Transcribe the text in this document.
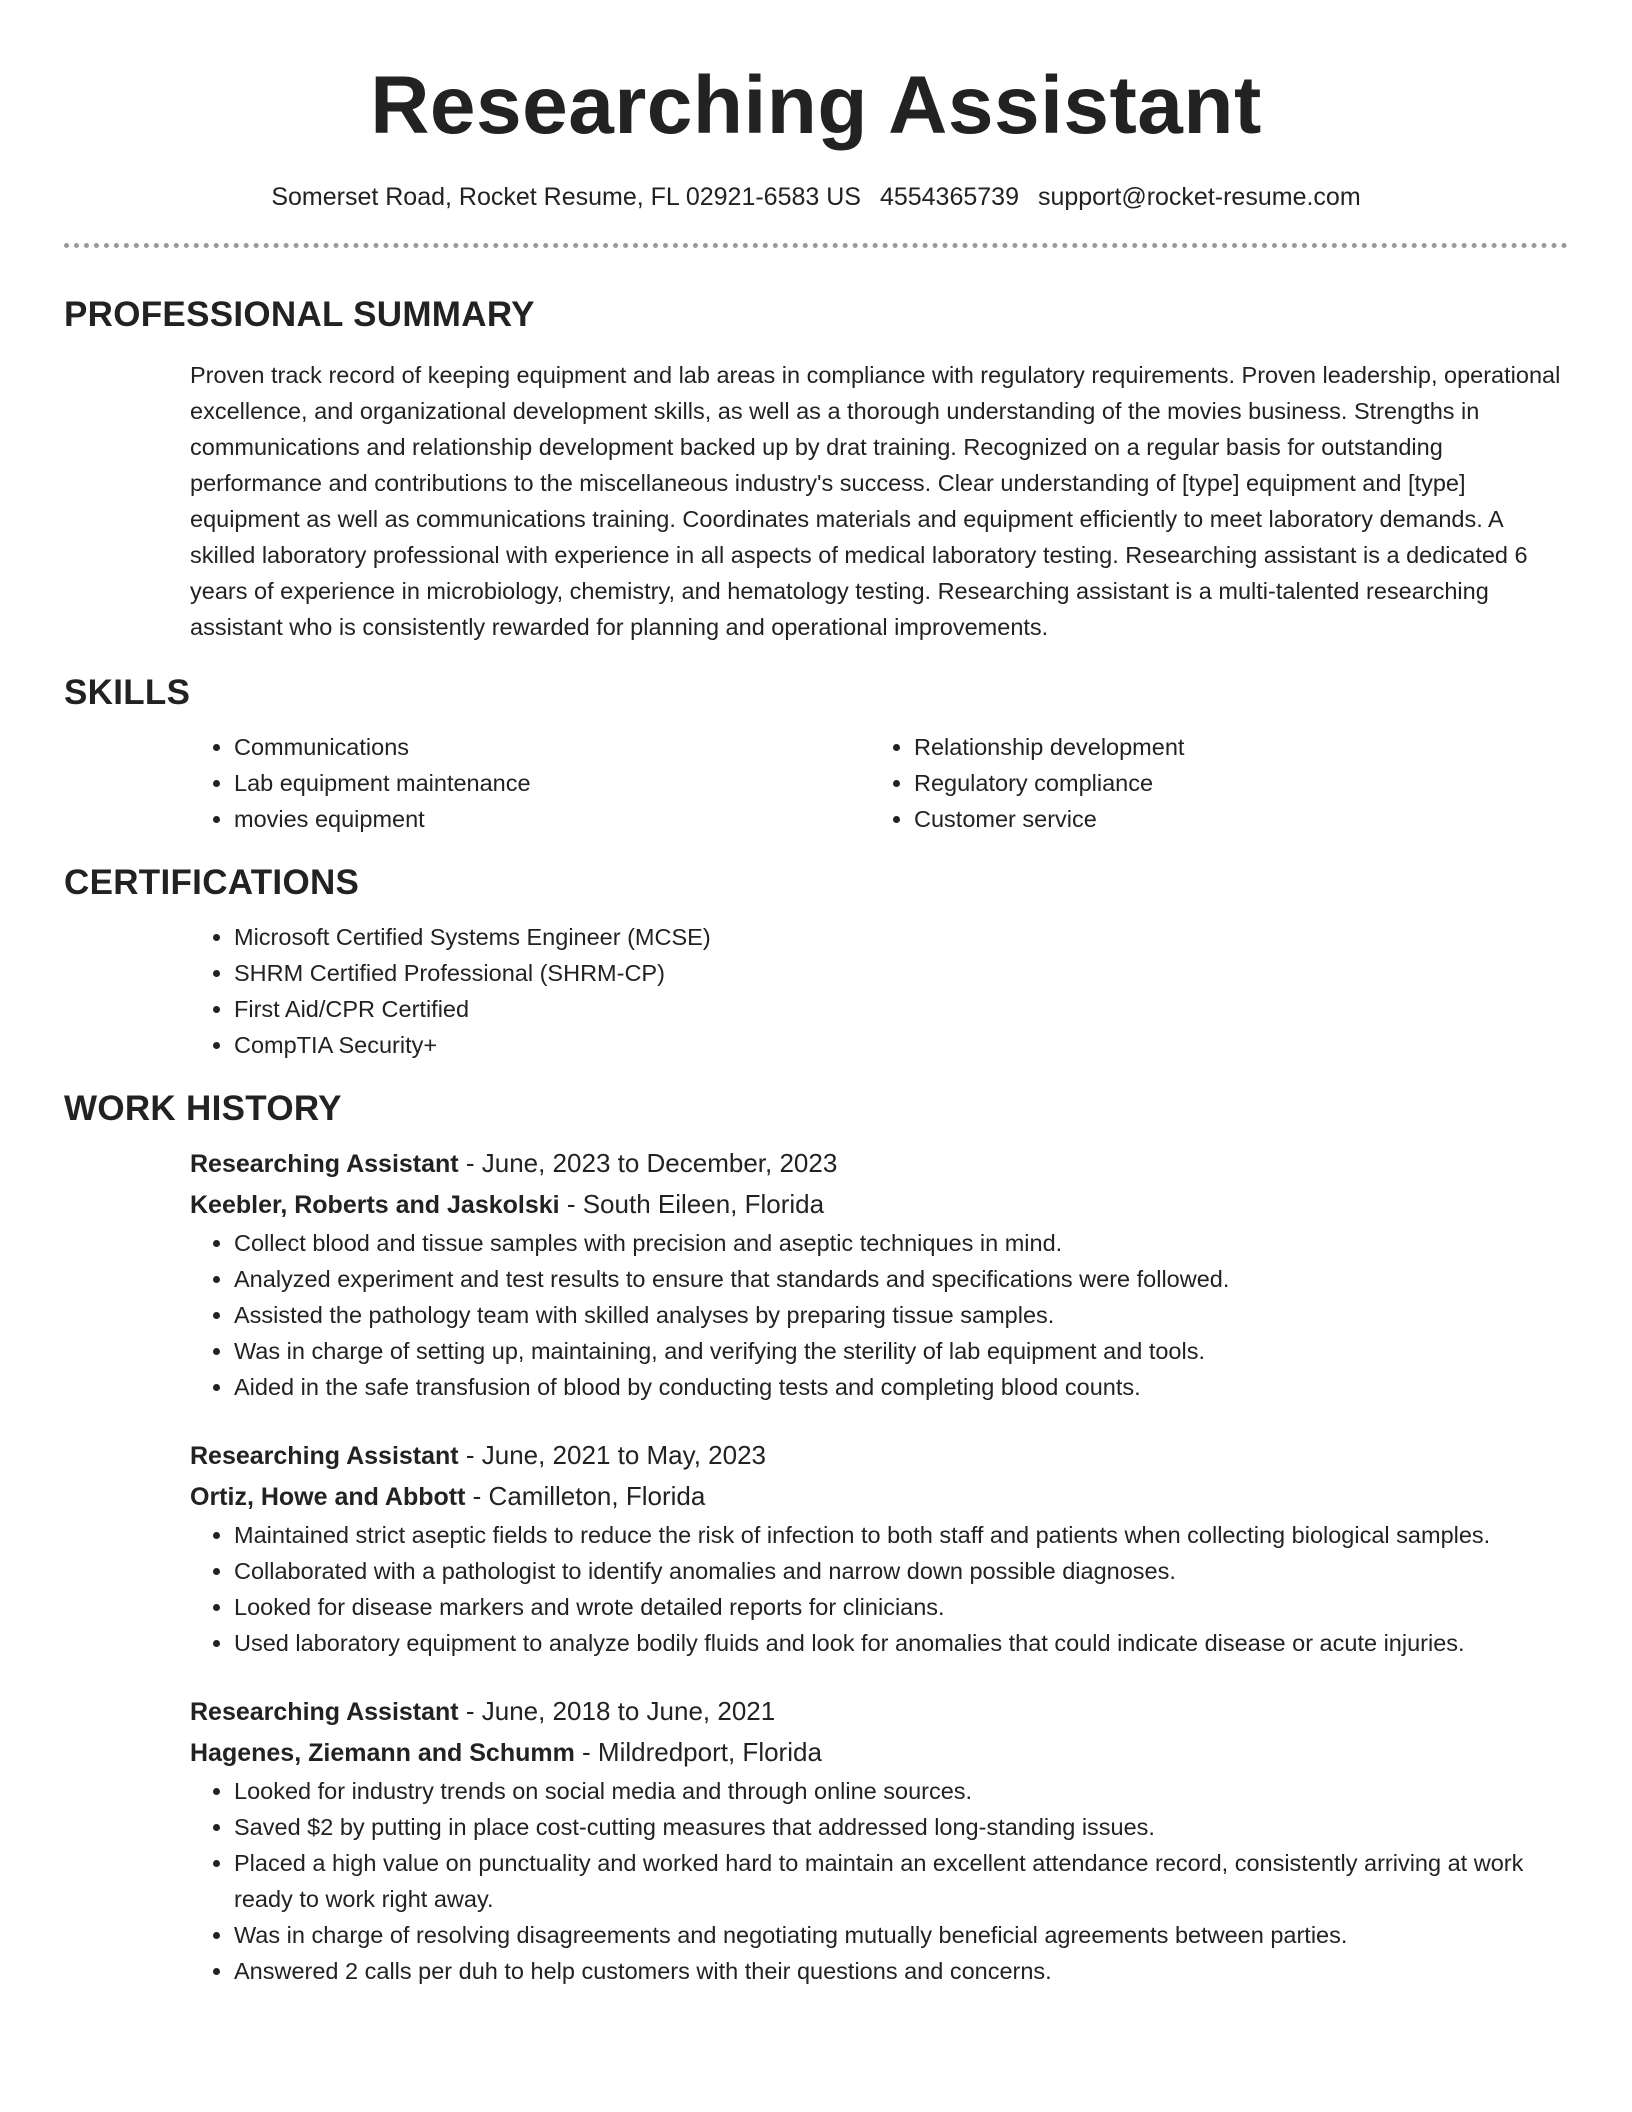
Researching Assistant
Somerset Road, Rocket Resume, FL 02921-6583 US 4554365739 support@rocket-resume.com
PROFESSIONAL SUMMARY
Proven track record of keeping equipment and lab areas in compliance with regulatory requirements. Proven leadership, operational excellence, and organizational development skills, as well as a thorough understanding of the movies business. Strengths in communications and relationship development backed up by drat training. Recognized on a regular basis for outstanding performance and contributions to the miscellaneous industry's success. Clear understanding of [type] equipment and [type] equipment as well as communications training. Coordinates materials and equipment efficiently to meet laboratory demands. A skilled laboratory professional with experience in all aspects of medical laboratory testing. Researching assistant is a dedicated 6 years of experience in microbiology, chemistry, and hematology testing. Researching assistant is a multi-talented researching assistant who is consistently rewarded for planning and operational improvements.
SKILLS
• Communications
• Lab equipment maintenance
• movies equipment
• Relationship development
• Regulatory compliance
• Customer service
CERTIFICATIONS
• Microsoft Certified Systems Engineer (MCSE)
• SHRM Certified Professional (SHRM-CP)
• First Aid/CPR Certified
• CompTIA Security+
WORK HISTORY
Researching Assistant - June, 2023 to December, 2023
Keebler, Roberts and Jaskolski - South Eileen, Florida
• Collect blood and tissue samples with precision and aseptic techniques in mind.
• Analyzed experiment and test results to ensure that standards and specifications were followed.
• Assisted the pathology team with skilled analyses by preparing tissue samples.
• Was in charge of setting up, maintaining, and verifying the sterility of lab equipment and tools.
• Aided in the safe transfusion of blood by conducting tests and completing blood counts.
Researching Assistant - June, 2021 to May, 2023
Ortiz, Howe and Abbott - Camilleton, Florida
• Maintained strict aseptic fields to reduce the risk of infection to both staff and patients when collecting biological samples.
• Collaborated with a pathologist to identify anomalies and narrow down possible diagnoses.
• Looked for disease markers and wrote detailed reports for clinicians.
• Used laboratory equipment to analyze bodily fluids and look for anomalies that could indicate disease or acute injuries.
Researching Assistant - June, 2018 to June, 2021
Hagenes, Ziemann and Schumm - Mildredport, Florida
• Looked for industry trends on social media and through online sources.
• Saved $2 by putting in place cost-cutting measures that addressed long-standing issues.
• Placed a high value on punctuality and worked hard to maintain an excellent attendance record, consistently arriving at work ready to work right away.
• Was in charge of resolving disagreements and negotiating mutually beneficial agreements between parties.
• Answered 2 calls per duh to help customers with their questions and concerns.
